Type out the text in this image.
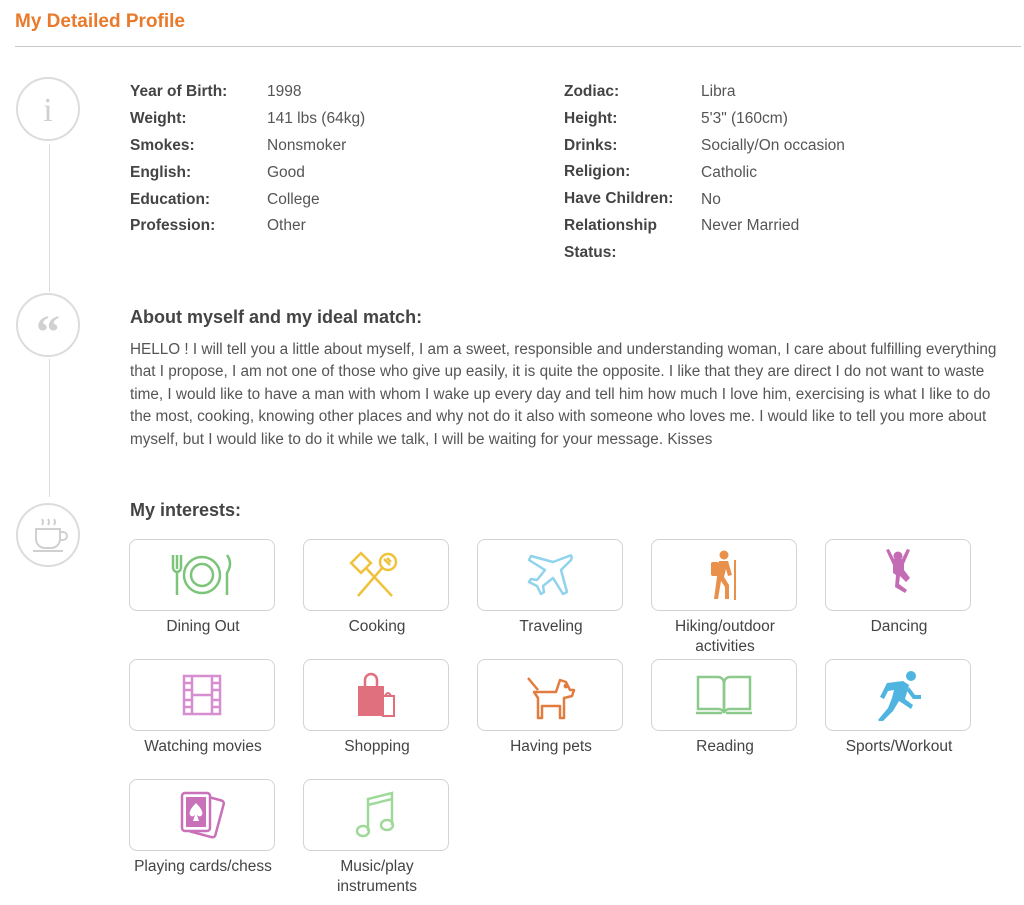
My Detailed Profile
i
“
Year of Birth:	1998
Weight:	141 lbs (64kg)
Smokes:	Nonsmoker
English:	Good
Education:	College
Profession:	Other
Zodiac:	Libra
Height:	5'3" (160cm)
Drinks:	Socially/On occasion
Religion:	Catholic
Have Children:	No
Relationship Status:
Never Married
About myself and my ideal match:

HELLO ! I will tell you a little about myself, I am a sweet, responsible and understanding woman, I care about fulfilling everything that I propose, I am not one of those who give up easily, it is quite the opposite. I like that they are direct I do not want to waste time, I would like to have a man with whom I wake up every day and tell him how much I love him, exercising is what I like to do the most, cooking, knowing other places and why not do it also with someone who loves me. I would like to tell you more about myself, but I would like to do it while we talk, I will be waiting for your message. Kisses

My interests:
Dining Out	Cooking	Traveling	Hiking/outdoor activities
Dancing
Watching movies	Shopping	Having pets	Reading	Sports/Workout
Playing cards/chess	Music/play instruments
